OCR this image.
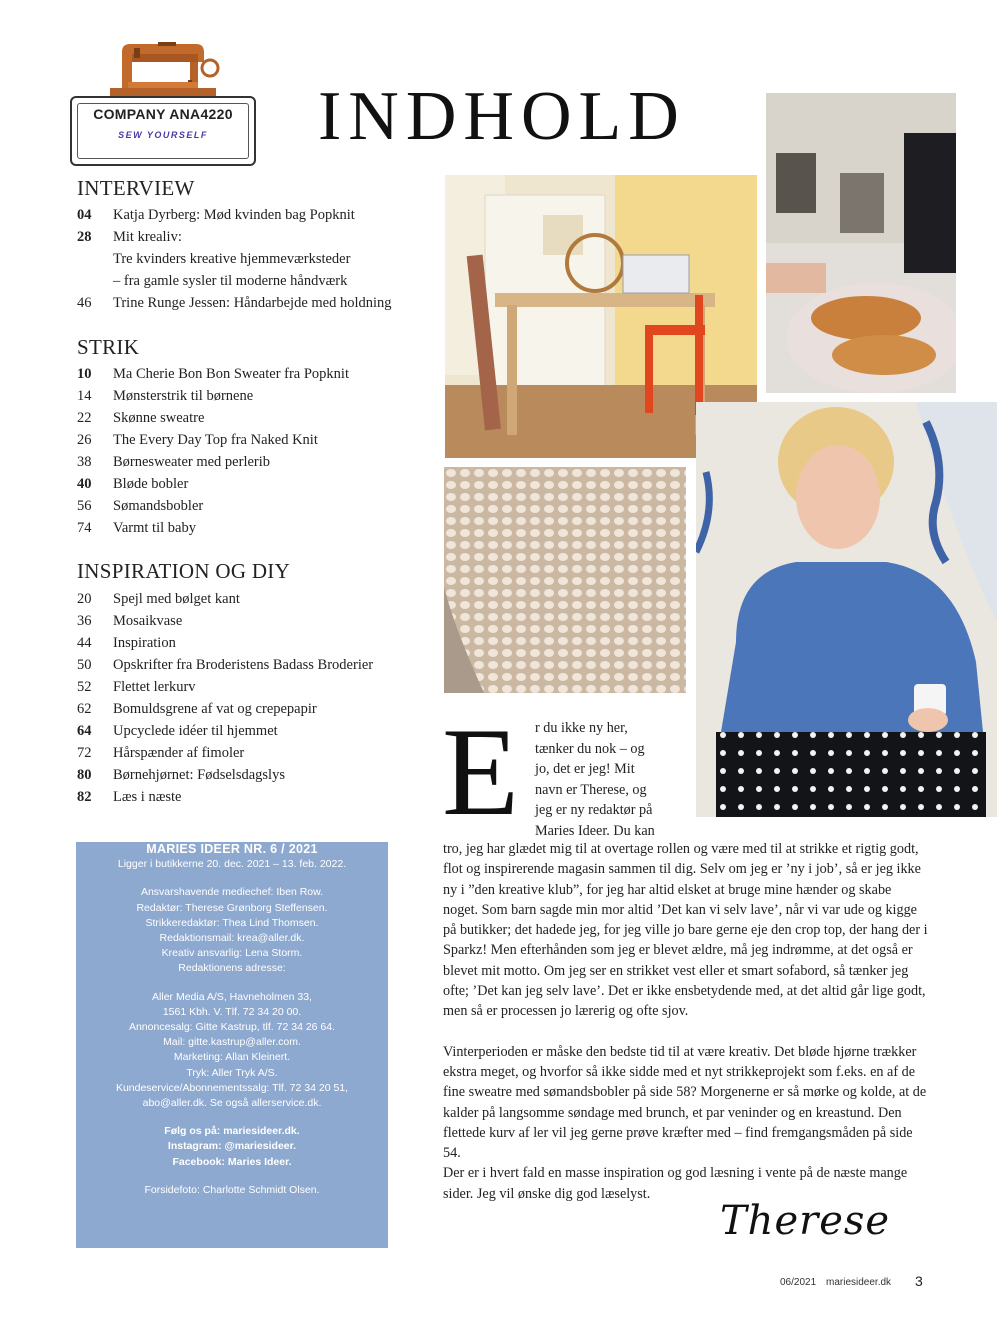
COMPANY ANA4220
SEW YOURSELF	INDHOLD
INTERVIEW
04	Katja Dyrberg: Mød kvinden bag Popknit
28	Mit krealiv:
Tre kvinders kreative hjemmeværksteder
– fra gamle sysler til moderne håndværk
46	Trine Runge Jessen: Håndarbejde med holdning
STRIK
10	Ma Cherie Bon Bon Sweater fra Popknit
14	Mønsterstrik til børnene
22	Skønne sweatre
26	The Every Day Top fra Naked Knit
38	Børnesweater med perlerib
40	Bløde bobler
56	Sømandsbobler
74	Varmt til baby
INSPIRATION OG DIY
20	Spejl med bølget kant
36	Mosaikvase
44	Inspiration
50	Opskrifter fra Broderistens Badass Broderier
52	Flettet lerkurv
62	Bomuldsgrene af vat og crepepapir
64	Upcyclede idéer til hjemmet
72	Hårspænder af fimoler
80	Børnehjørnet: Fødselsdagslys
82	Læs i næste

MARIES IDEER NR. 6 / 2021

Ligger i butikkerne 20. dec. 2021 – 13. feb. 2022.

Ansvarshavende mediechef: Iben Row.

Redaktør: Therese Grønborg Steffensen.

Strikkeredaktør: Thea Lind Thomsen.

Redaktionsmail: krea@aller.dk.

Kreativ ansvarlig: Lena Storm.

Redaktionens adresse:

Aller Media A/S, Havneholmen 33,

1561 Kbh. V. Tlf. 72 34 20 00.

Annoncesalg: Gitte Kastrup, tlf. 72 34 26 64.

Mail: gitte.kastrup@aller.com.

Marketing: Allan Kleinert.

Tryk: Aller Tryk A/S.

Kundeservice/Abonnementssalg: Tlf. 72 34 20 51,

abo@aller.dk. Se også allerservice.dk.

Følg os på: mariesideer.dk.

Instagram: @mariesideer.

Facebook: Maries Ideer.

Forsidefoto: Charlotte Schmidt Olsen.

E r du ikke ny her,
tænker du nok – og
jo, det er jeg! Mit
navn er Therese, og
jeg er ny redaktør på
Maries Ideer. Du kan

tro, jeg har glædet mig til at overtage rollen og være med til at strikke et rigtig godt, flot og inspirerende magasin sammen til dig. Selv om jeg er ’ny i job’, så er jeg ikke ny i ”den kreative klub”, for jeg har altid elsket at bruge mine hænder og skabe noget. Som barn sagde min mor altid ’Det kan vi selv lave’, når vi var ude og kigge på butikker; det hadede jeg, for jeg ville jo bare gerne eje den crop top, der hang der i Sparkz! Men efterhånden som jeg er blevet ældre, må jeg indrømme, at det også er blevet mit motto. Om jeg ser en strikket vest eller et smart sofabord, så tænker jeg ofte; ’Det kan jeg selv lave’. Det er ikke ensbetydende med, at det altid går lige godt, men så er processen jo lærerig og ofte sjov.

Vinterperioden er måske den bedste tid til at være kreativ. Det bløde hjørne trækker ekstra meget, og hvorfor så ikke sidde med et nyt strikkeprojekt som f.eks. en af de fine sweatre med sømandsbobler på side 58? Morgenerne er så mørke og kolde, at de kalder på langsomme søndage med brunch, et par veninder og en kreastund. Den flettede kurv af ler vil jeg gerne prøve kræfter med – find fremgangsmåden på side 54.

Der er i hvert fald en masse inspiration og god læsning i vente på de næste mange sider. Jeg vil ønske dig god læselyst.

Therese
06/2021 mariesideer.dk 3
